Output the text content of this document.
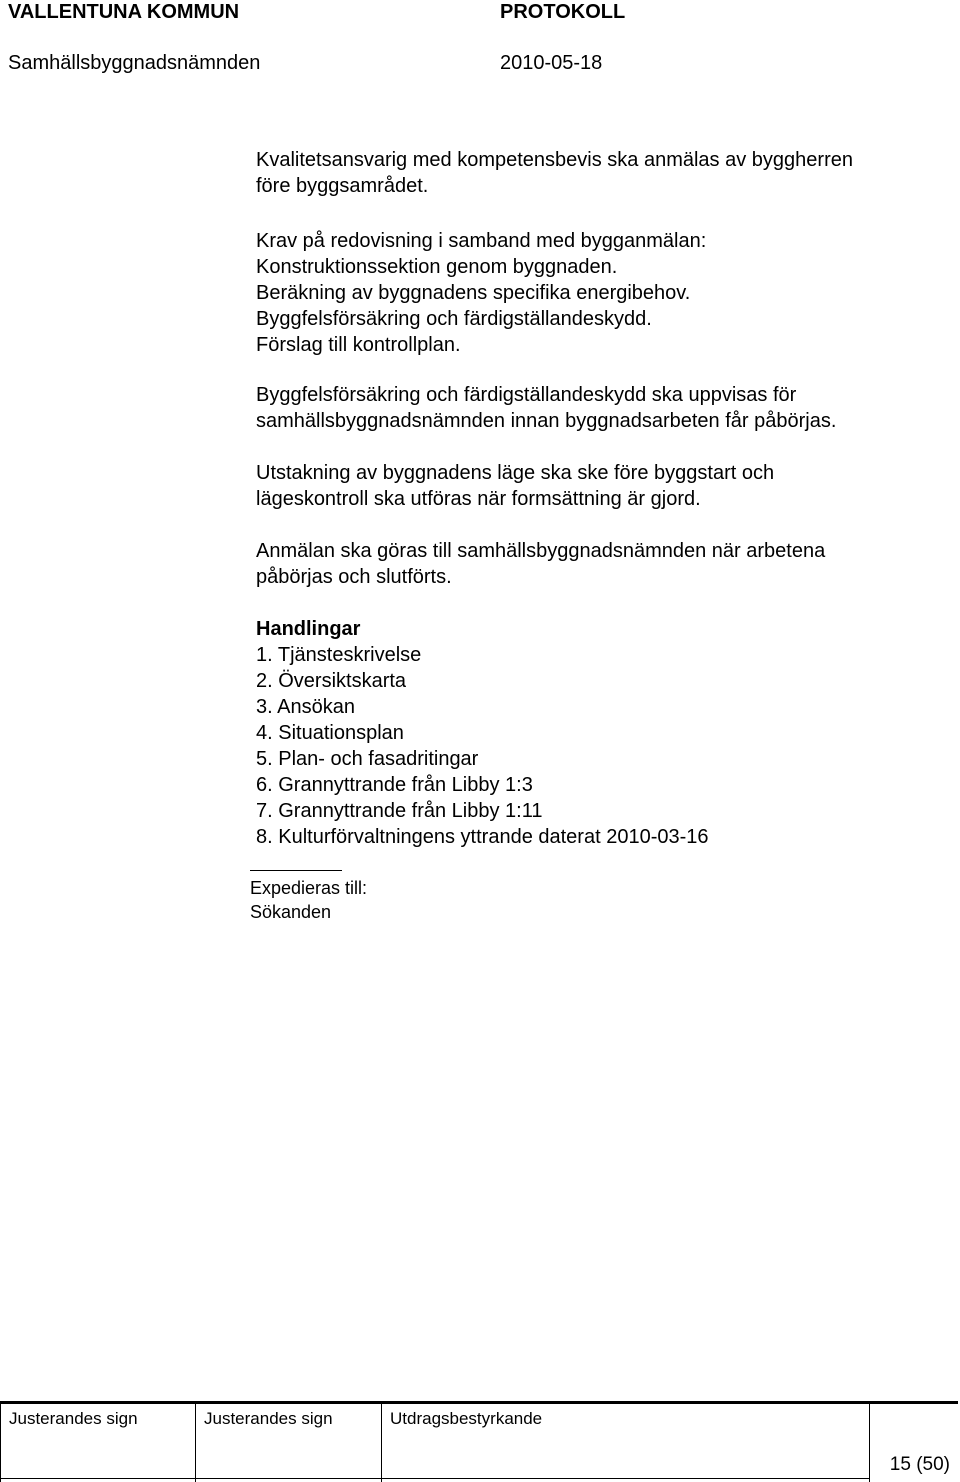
VALLENTUNA KOMMUN	PROTOKOLL
Samhällsbyggnadsnämnden	2010-05-18

Kvalitetsansvarig med kompetensbevis ska anmälas av byggherren

före byggsamrådet.

Krav på redovisning i samband med bygganmälan:

Konstruktionssektion genom byggnaden.

Beräkning av byggnadens specifika energibehov.

Byggfelsförsäkring och färdigställandeskydd.

Förslag till kontrollplan.

Byggfelsförsäkring och färdigställandeskydd ska uppvisas för

samhällsbyggnadsnämnden innan byggnadsarbeten får påbörjas.

Utstakning av byggnadens läge ska ske före byggstart och

lägeskontroll ska utföras när formsättning är gjord.

Anmälan ska göras till samhällsbyggnadsnämnden när arbetena

påbörjas och slutförts.

Handlingar

1. Tjänsteskrivelse

2. Översiktskarta

3. Ansökan

4. Situationsplan

5. Plan- och fasadritingar

6. Grannyttrande från Libby 1:3

7. Grannyttrande från Libby 1:11

8. Kulturförvaltningens yttrande daterat 2010-03-16

Expedieras till:
Sökanden
Justerandes sign	Justerandes sign	Utdragsbestyrkande
15 (50)
